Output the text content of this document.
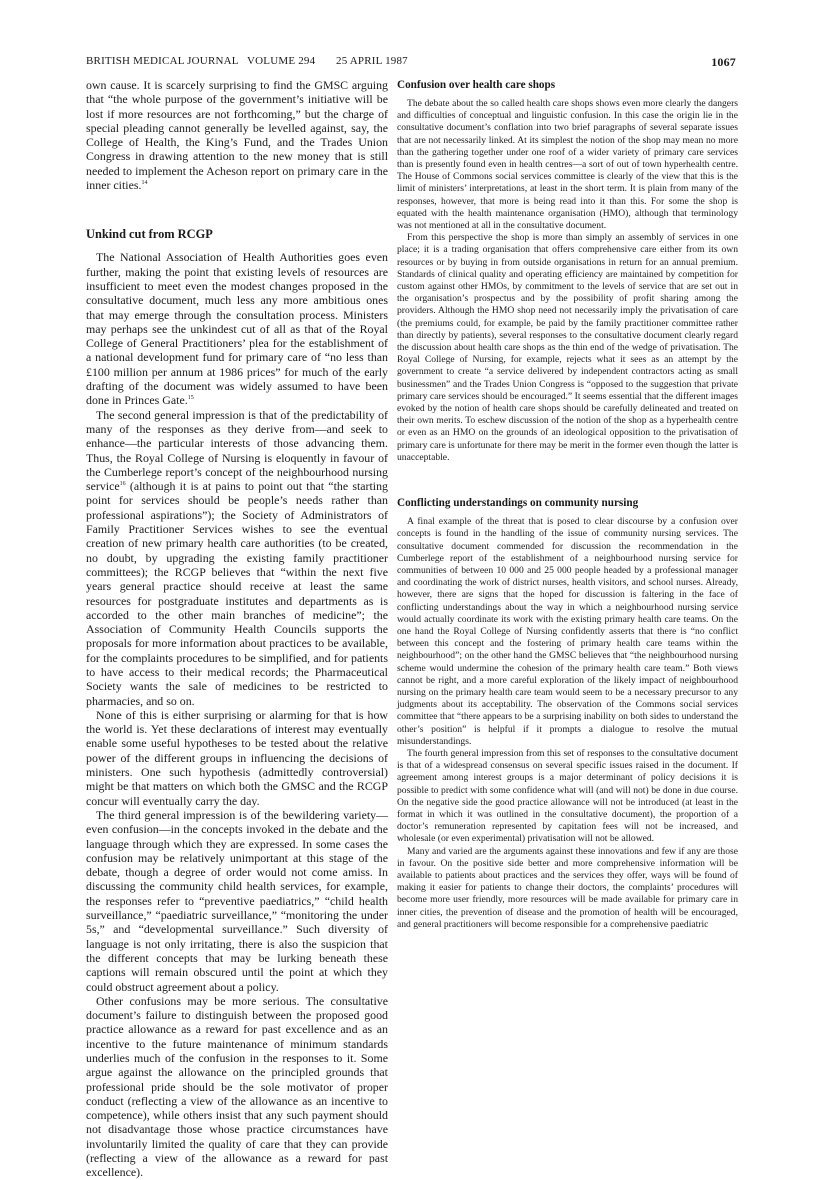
BRITISH MEDICAL JOURNAL VOLUME 294 25 APRIL 1987	1067

own cause. It is scarcely surprising to find the GMSC arguing that “the whole purpose of the government’s initiative will be lost if more resources are not forthcoming,” but the charge of special pleading cannot generally be levelled against, say, the College of Health, the King’s Fund, and the Trades Union Congress in drawing attention to the new money that is still needed to implement the Acheson report on primary care in the inner cities.$^{14}$

Unkind cut from RCGP

The National Association of Health Authorities goes even further, making the point that existing levels of resources are insufficient to meet even the modest changes proposed in the consultative document, much less any more ambitious ones that may emerge through the consultation process. Ministers may perhaps see the unkindest cut of all as that of the Royal College of General Practitioners’ plea for the establishment of a national development fund for primary care of “no less than £100 million per annum at 1986 prices” for much of the early drafting of the document was widely assumed to have been done in Princes Gate.$^{15}$

The second general impression is that of the predictability of many of the responses as they derive from—and seek to enhance—the particular interests of those advancing them. Thus, the Royal College of Nursing is eloquently in favour of the Cumberlege report’s concept of the neighbourhood nursing service$^{16}$ (although it is at pains to point out that “the starting point for services should be people’s needs rather than professional aspirations”); the Society of Administrators of Family Practitioner Services wishes to see the eventual creation of new primary health care authorities (to be created, no doubt, by upgrading the existing family practitioner committees); the RCGP believes that “within the next five years general practice should receive at least the same resources for postgraduate institutes and departments as is accorded to the other main branches of medicine”; the Association of Community Health Councils supports the proposals for more information about practices to be available, for the complaints procedures to be simplified, and for patients to have access to their medical records; the Pharmaceutical Society wants the sale of medicines to be restricted to pharmacies, and so on.

None of this is either surprising or alarming for that is how the world is. Yet these declarations of interest may eventually enable some useful hypotheses to be tested about the relative power of the different groups in influencing the decisions of ministers. One such hypothesis (admittedly controversial) might be that matters on which both the GMSC and the RCGP concur will eventually carry the day.

The third general impression is of the bewildering variety—even confusion—in the concepts invoked in the debate and the language through which they are expressed. In some cases the confusion may be relatively unimportant at this stage of the debate, though a degree of order would not come amiss. In discussing the community child health services, for example, the responses refer to “preventive paediatrics,” “child health surveillance,” “paediatric surveillance,” “monitoring the under 5s,” and “developmental surveillance.” Such diversity of language is not only irritating, there is also the suspicion that the different concepts that may be lurking beneath these captions will remain obscured until the point at which they could obstruct agreement about a policy.

Other confusions may be more serious. The consultative document’s failure to distinguish between the proposed good practice allowance as a reward for past excellence and as an incentive to the future maintenance of minimum standards underlies much of the confusion in the responses to it. Some argue against the allowance on the principled grounds that professional pride should be the sole motivator of proper conduct (reflecting a view of the allowance as an incentive to competence), while others insist that any such payment should not disadvantage those whose practice circumstances have involuntarily limited the quality of care that they can provide (reflecting a view of the allowance as a reward for past excellence).

Confusion over health care shops

The debate about the so called health care shops shows even more clearly the dangers and difficulties of conceptual and linguistic confusion. In this case the origin lie in the consultative document’s conflation into two brief paragraphs of several separate issues that are not necessarily linked. At its simplest the notion of the shop may mean no more than the gathering together under one roof of a wider variety of primary care services than is presently found even in health centres—a sort of out of town hyperhealth centre. The House of Commons social services committee is clearly of the view that this is the limit of ministers’ interpretations, at least in the short term. It is plain from many of the responses, however, that more is being read into it than this. For some the shop is equated with the health maintenance organisation (HMO), although that terminology was not mentioned at all in the consultative document.

From this perspective the shop is more than simply an assembly of services in one place; it is a trading organisation that offers comprehensive care either from its own resources or by buying in from outside organisations in return for an annual premium. Standards of clinical quality and operating efficiency are maintained by competition for custom against other HMOs, by commitment to the levels of service that are set out in the organisation’s prospectus and by the possibility of profit sharing among the providers. Although the HMO shop need not necessarily imply the privatisation of care (the premiums could, for example, be paid by the family practitioner committee rather than directly by patients), several responses to the consultative document clearly regard the discussion about health care shops as the thin end of the wedge of privatisation. The Royal College of Nursing, for example, rejects what it sees as an attempt by the government to create “a service delivered by independent contractors acting as small businessmen” and the Trades Union Congress is “opposed to the suggestion that private primary care services should be encouraged.” It seems essential that the different images evoked by the notion of health care shops should be carefully delineated and treated on their own merits. To eschew discussion of the notion of the shop as a hyperhealth centre or even as an HMO on the grounds of an ideological opposition to the privatisation of primary care is unfortunate for there may be merit in the former even though the latter is unacceptable.

Conflicting understandings on community nursing

A final example of the threat that is posed to clear discourse by a confusion over concepts is found in the handling of the issue of community nursing services. The consultative document commended for discussion the recommendation in the Cumberlege report of the establishment of a neighbourhood nursing service for communities of between 10 000 and 25 000 people headed by a professional manager and coordinating the work of district nurses, health visitors, and school nurses. Already, however, there are signs that the hoped for discussion is faltering in the face of conflicting understandings about the way in which a neighbourhood nursing service would actually coordinate its work with the existing primary health care teams. On the one hand the Royal College of Nursing confidently asserts that there is “no conflict between this concept and the fostering of primary health care teams within the neighbourhood”; on the other hand the GMSC believes that “the neighbourhood nursing scheme would undermine the cohesion of the primary health care team.” Both views cannot be right, and a more careful exploration of the likely impact of neighbourhood nursing on the primary health care team would seem to be a necessary precursor to any judgments about its acceptability. The observation of the Commons social services committee that “there appears to be a surprising inability on both sides to understand the other’s position” is helpful if it prompts a dialogue to resolve the mutual misunderstandings.

The fourth general impression from this set of responses to the consultative document is that of a widespread consensus on several specific issues raised in the document. If agreement among interest groups is a major determinant of policy decisions it is possible to predict with some confidence what will (and will not) be done in due course. On the negative side the good practice allowance will not be introduced (at least in the format in which it was outlined in the consultative document), the proportion of a doctor’s remuneration represented by capitation fees will not be increased, and wholesale (or even experimental) privatisation will not be allowed.

Many and varied are the arguments against these innovations and few if any are those in favour. On the positive side better and more comprehensive information will be available to patients about practices and the services they offer, ways will be found of making it easier for patients to change their doctors, the complaints’ procedures will become more user friendly, more resources will be made available for primary care in inner cities, the prevention of disease and the promotion of health will be encouraged, and general practitioners will become responsible for a comprehensive paediatric
